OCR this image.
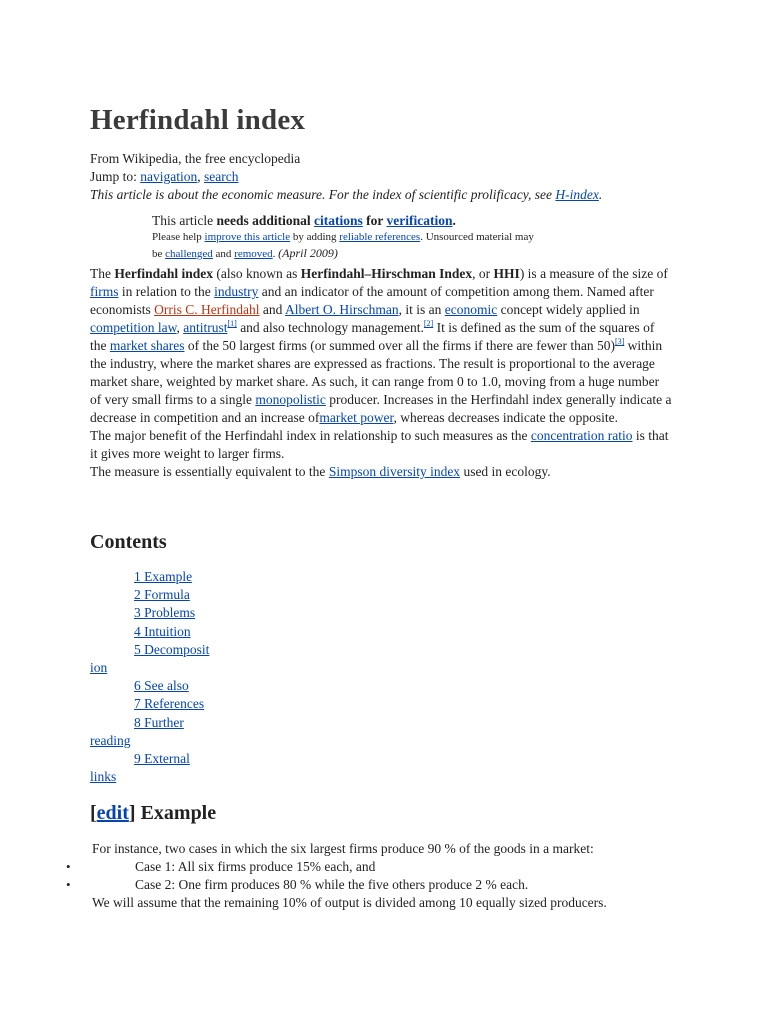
Herfindahl index
From Wikipedia, the free encyclopedia
Jump to: navigation, search
This article is about the economic measure. For the index of scientific prolificacy, see H-index.
This article needs additional citations for verification.
Please help improve this article by adding reliable references. Unsourced material may
be challenged and removed. (April 2009)

The Herfindahl index (also known as Herfindahl–Hirschman Index, or HHI) is a measure of the size of firms in relation to the industry and an indicator of the amount of competition among them. Named after economists Orris C. Herfindahl and Albert O. Hirschman, it is an economic concept widely applied in competition law, antitrust[1] and also technology management.[2] It is defined as the sum of the squares of the market shares of the 50 largest firms (or summed over all the firms if there are fewer than 50)[3] within the industry, where the market shares are expressed as fractions. The result is proportional to the average market share, weighted by market share. As such, it can range from 0 to 1.0, moving from a huge number of very small firms to a single monopolistic producer. Increases in the Herfindahl index generally indicate a decrease in competition and an increase ofmarket power, whereas decreases indicate the opposite.

The major benefit of the Herfindahl index in relationship to such measures as the concentration ratio is that it gives more weight to larger firms.

The measure is essentially equivalent to the Simpson diversity index used in ecology.

Contents
1 Example
2 Formula
3 Problems
4 Intuition
5 Decomposit
ion
6 See also
7 References
8 Further
reading
9 External
links
[edit] Example

For instance, two cases in which the six largest firms produce 90 % of the goods in a market:

•	Case 1: All six firms produce 15% each, and
•	Case 2: One firm produces 80 % while the five others produce 2 % each.

We will assume that the remaining 10% of output is divided among 10 equally sized producers.
